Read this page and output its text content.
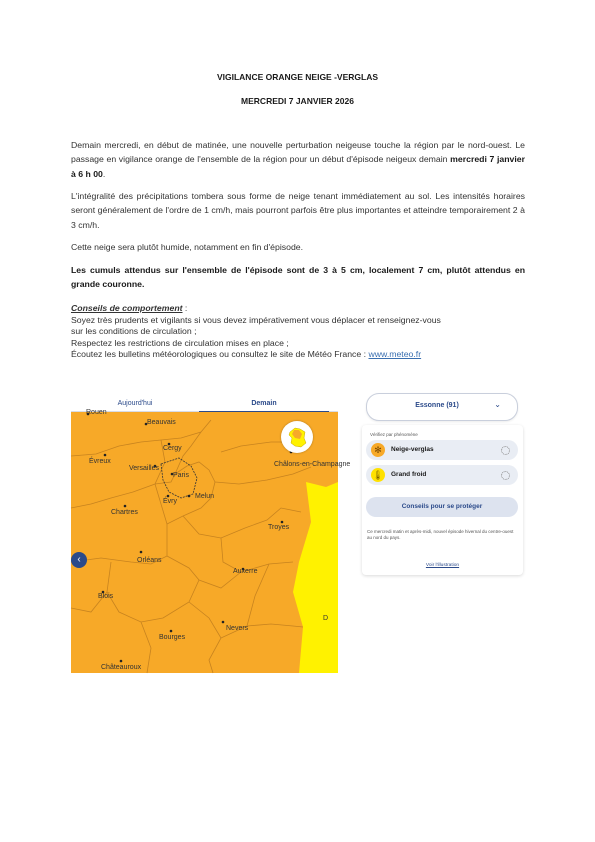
VIGILANCE ORANGE NEIGE -VERGLAS
MERCREDI 7 JANVIER 2026

Demain mercredi, en début de matinée, une nouvelle perturbation neigeuse touche la région par le nord-ouest. Le passage en vigilance orange de l'ensemble de la région pour un début d'épisode neigeux demain mercredi 7 janvier à 6 h 00.

L'intégralité des précipitations tombera sous forme de neige tenant immédiatement au sol. Les intensités horaires seront généralement de l'ordre de 1 cm/h, mais pourront parfois être plus importantes et atteindre temporairement 2 à 3 cm/h.

Cette neige sera plutôt humide, notamment en fin d'épisode.

Les cumuls attendus sur l'ensemble de l'épisode sont de 3 à 5 cm, localement 7 cm, plutôt attendus en grande couronne.

Conseils de comportement :
Soyez très prudents et vigilants si vous devez impérativement vous déplacer et renseignez-vous
sur les conditions de circulation ;
Respectez les restrictions de circulation mises en place ;
Écoutez les bulletins météorologiques ou consultez le site de Météo France : www.meteo.fr
Aujourd'hui	Demain
Rouen
Beauvais
Évreux
Cergy
Versailles
Paris
Évry
Melun
Chartres
Châlons-en-Champagne
Troyes
Orléans
Auxerre
Blois
Nevers
Bourges
Châteauroux
D
‹
Essonne (91)	⌄
Vérifiez par phénomène
✻	Neige-verglas
🌡 Grand froid
Conseils pour se protéger
Ce mercredi matin et après-midi, nouvel épisode hivernal du centre-ouest au nord du pays.
Voir l'illustration
